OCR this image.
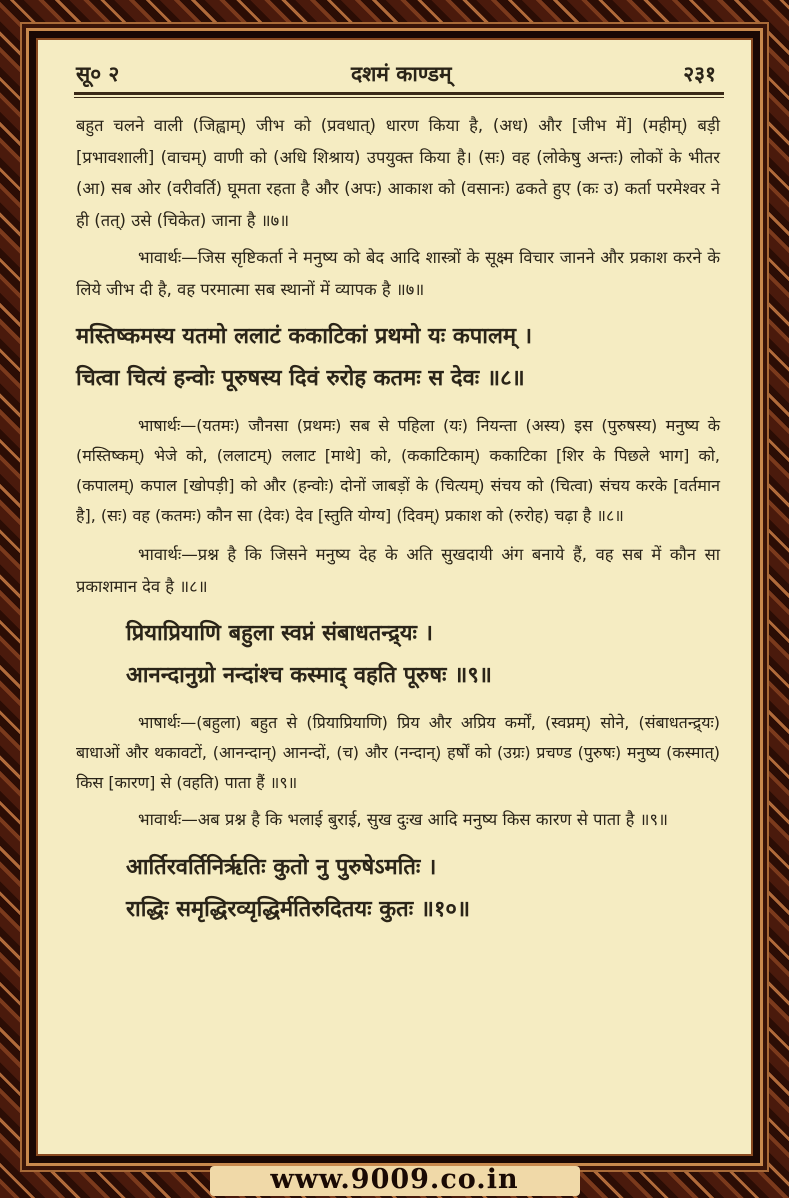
सू० २	दशमं काण्डम्	२३१

बहुत चलने वाली (जिह्वाम्) जीभ को (प्रवधात्) धारण किया है, (अध) और [जीभ में] (महीम्) बड़ी [प्रभावशाली] (वाचम्) वाणी को (अधि शिश्राय) उपयुक्त किया है। (सः) वह (लोकेषु अन्तः) लोकों के भीतर (आ) सब ओर (वरीवर्ति) घूमता रहता है और (अपः) आकाश को (वसानः) ढकते हुए (कः उ) कर्ता परमेश्वर ने ही (तत्) उसे (चिकेत) जाना है ॥७॥

भावार्थः—जिस सृष्टिकर्ता ने मनुष्य को बेद आदि शास्त्रों के सूक्ष्म विचार जानने और प्रकाश करने के लिये जीभ दी है, वह परमात्मा सब स्थानों में व्यापक है ॥७॥

मस्तिष्कमस्य यतमो ललाटं ककाटिकां प्रथमो यः कपालम् ।

चित्वा चित्यं हन्वोः पूरुषस्य दिवं रुरोह कतमः स देवः ॥८॥

भाषार्थः—(यतमः) जौनसा (प्रथमः) सब से पहिला (यः) नियन्ता (अस्य) इस (पुरुषस्य) मनुष्य के (मस्तिष्कम्) भेजे को, (ललाटम्) ललाट [माथे] को, (ककाटिकाम्) ककाटिका [शिर के पिछले भाग] को, (कपालम्) कपाल [खोपड़ी] को और (हन्वोः) दोनों जाबड़ों के (चित्यम्) संचय को (चित्वा) संचय करके [वर्तमान है], (सः) वह (कतमः) कौन सा (देवः) देव [स्तुति योग्य] (दिवम्) प्रकाश को (रुरोह) चढ़ा है ॥८॥

भावार्थः—प्रश्न है कि जिसने मनुष्य देह के अति सुखदायी अंग बनाये हैं, वह सब में कौन सा प्रकाशमान देव है ॥८॥

प्रियाप्रियाणि बहुला स्वप्नं संबाधतन्द्र्यः ।

आनन्दानुग्रो नन्दांश्च कस्माद् वहति पूरुषः ॥९॥

भाषार्थः—(बहुला) बहुत से (प्रियाप्रियाणि) प्रिय और अप्रिय कर्मों, (स्वप्नम्) सोने, (संबाधतन्द्र्यः) बाधाओं और थकावटों, (आनन्दान्) आनन्दों, (च) और (नन्दान्) हर्षों को (उग्रः) प्रचण्ड (पुरुषः) मनुष्य (कस्मात्) किस [कारण] से (वहति) पाता हैं ॥९॥

भावार्थः—अब प्रश्न है कि भलाई बुराई, सुख दुःख आदि मनुष्य किस कारण से पाता है ॥९॥

आर्तिरवर्तिनिर्ऋतिः कुतो नु पुरुषेऽमतिः ।

राद्धिः समृद्धिरव्यृद्धिर्मतिरुदितयः कुतः ॥१०॥

www.9009.co.in
